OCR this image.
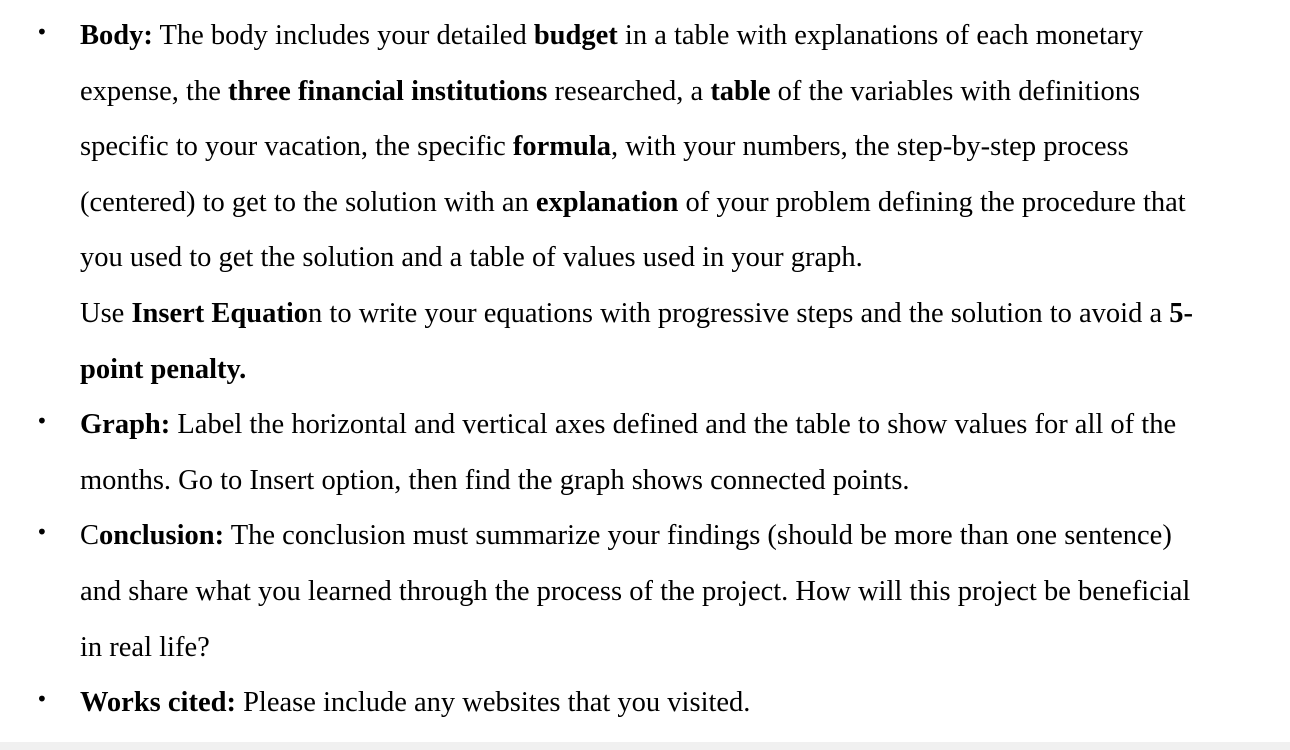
• Body: The body includes your detailed budget in a table with explanations of each monetary
expense, the three financial institutions researched, a table of the variables with definitions
specific to your vacation, the specific formula, with your numbers, the step-by-step process
(centered) to get to the solution with an explanation of your problem defining the procedure that
you used to get the solution and a table of values used in your graph.
Use Insert Equation to write your equations with progressive steps and the solution to avoid a 5-
point penalty.
• Graph: Label the horizontal and vertical axes defined and the table to show values for all of the
months. Go to Insert option, then find the graph shows connected points.
• Conclusion: The conclusion must summarize your findings (should be more than one sentence)
and share what you learned through the process of the project. How will this project be beneficial
in real life?
• Works cited: Please include any websites that you visited.
